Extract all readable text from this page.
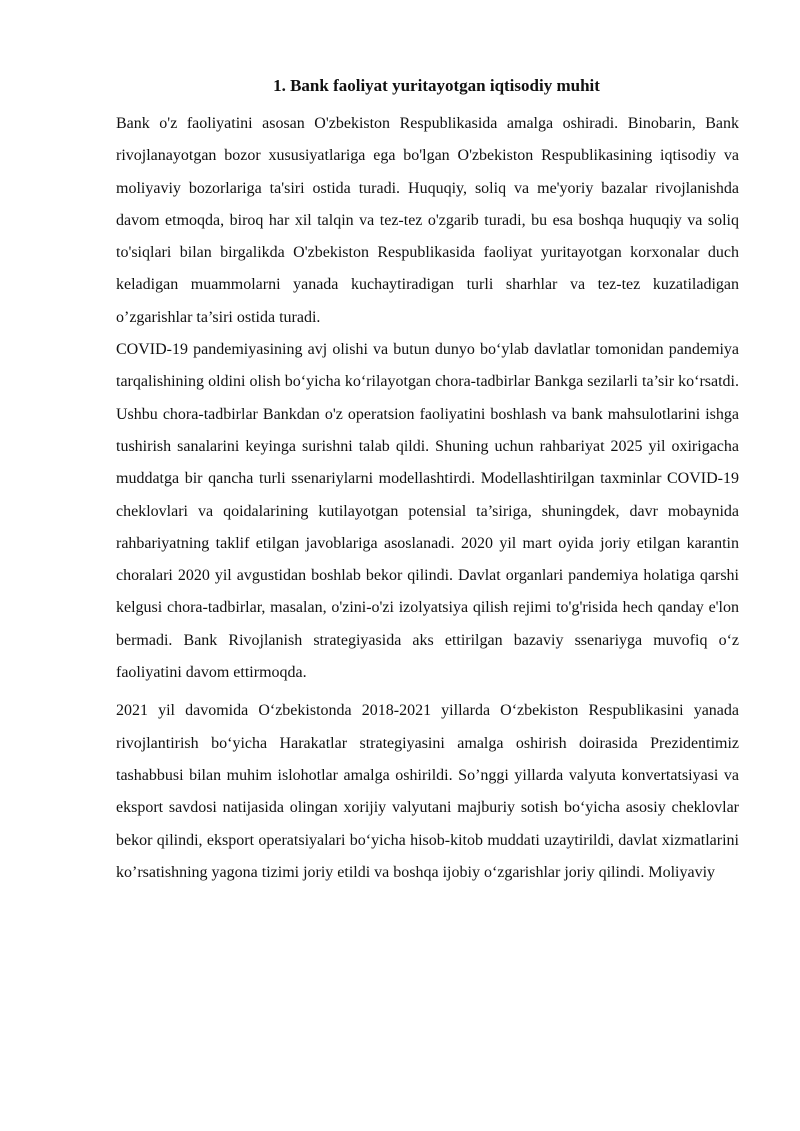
1. Bank faoliyat yuritayotgan iqtisodiy muhit

Bank o'z faoliyatini asosan O'zbekiston Respublikasida amalga oshiradi. Binobarin, Bank rivojlanayotgan bozor xususiyatlariga ega bo'lgan O'zbekiston Respublikasining iqtisodiy va moliyaviy bozorlariga ta'siri ostida turadi. Huquqiy, soliq va me'yoriy bazalar rivojlanishda davom etmoqda, biroq har xil talqin va tez-tez o'zgarib turadi, bu esa boshqa huquqiy va soliq to'siqlari bilan birgalikda O'zbekiston Respublikasida faoliyat yuritayotgan korxonalar duch keladigan muammolarni yanada kuchaytiradigan turli sharhlar va tez-tez kuzatiladigan o’zgarishlar ta’siri ostida turadi.

COVID-19 pandemiyasining avj olishi va butun dunyo bo‘ylab davlatlar tomonidan pandemiya tarqalishining oldini olish bo‘yicha ko‘rilayotgan chora-tadbirlar Bankga sezilarli ta’sir ko‘rsatdi. Ushbu chora-tadbirlar Bankdan o'z operatsion faoliyatini boshlash va bank mahsulotlarini ishga tushirish sanalarini keyinga surishni talab qildi. Shuning uchun rahbariyat 2025 yil oxirigacha muddatga bir qancha turli ssenariylarni modellashtirdi. Modellashtirilgan taxminlar COVID-19 cheklovlari va qoidalarining kutilayotgan potensial ta’siriga, shuningdek, davr mobaynida rahbariyatning taklif etilgan javoblariga asoslanadi. 2020 yil mart oyida joriy etilgan karantin choralari 2020 yil avgustidan boshlab bekor qilindi. Davlat organlari pandemiya holatiga qarshi kelgusi chora-tadbirlar, masalan, o'zini-o'zi izolyatsiya qilish rejimi to'g'risida hech qanday e'lon bermadi. Bank Rivojlanish strategiyasida aks ettirilgan bazaviy ssenariyga muvofiq o‘z faoliyatini davom ettirmoqda.

2021 yil davomida O‘zbekistonda 2018-2021 yillarda O‘zbekiston Respublikasini yanada rivojlantirish bo‘yicha Harakatlar strategiyasini amalga oshirish doirasida Prezidentimiz tashabbusi bilan muhim islohotlar amalga oshirildi. So’nggi yillarda valyuta konvertatsiyasi va eksport savdosi natijasida olingan xorijiy valyutani majburiy sotish bo‘yicha asosiy cheklovlar bekor qilindi, eksport operatsiyalari bo‘yicha hisob-kitob muddati uzaytirildi, davlat xizmatlarini ko’rsatishning yagona tizimi joriy etildi va boshqa ijobiy o‘zgarishlar joriy qilindi. Moliyaviy
